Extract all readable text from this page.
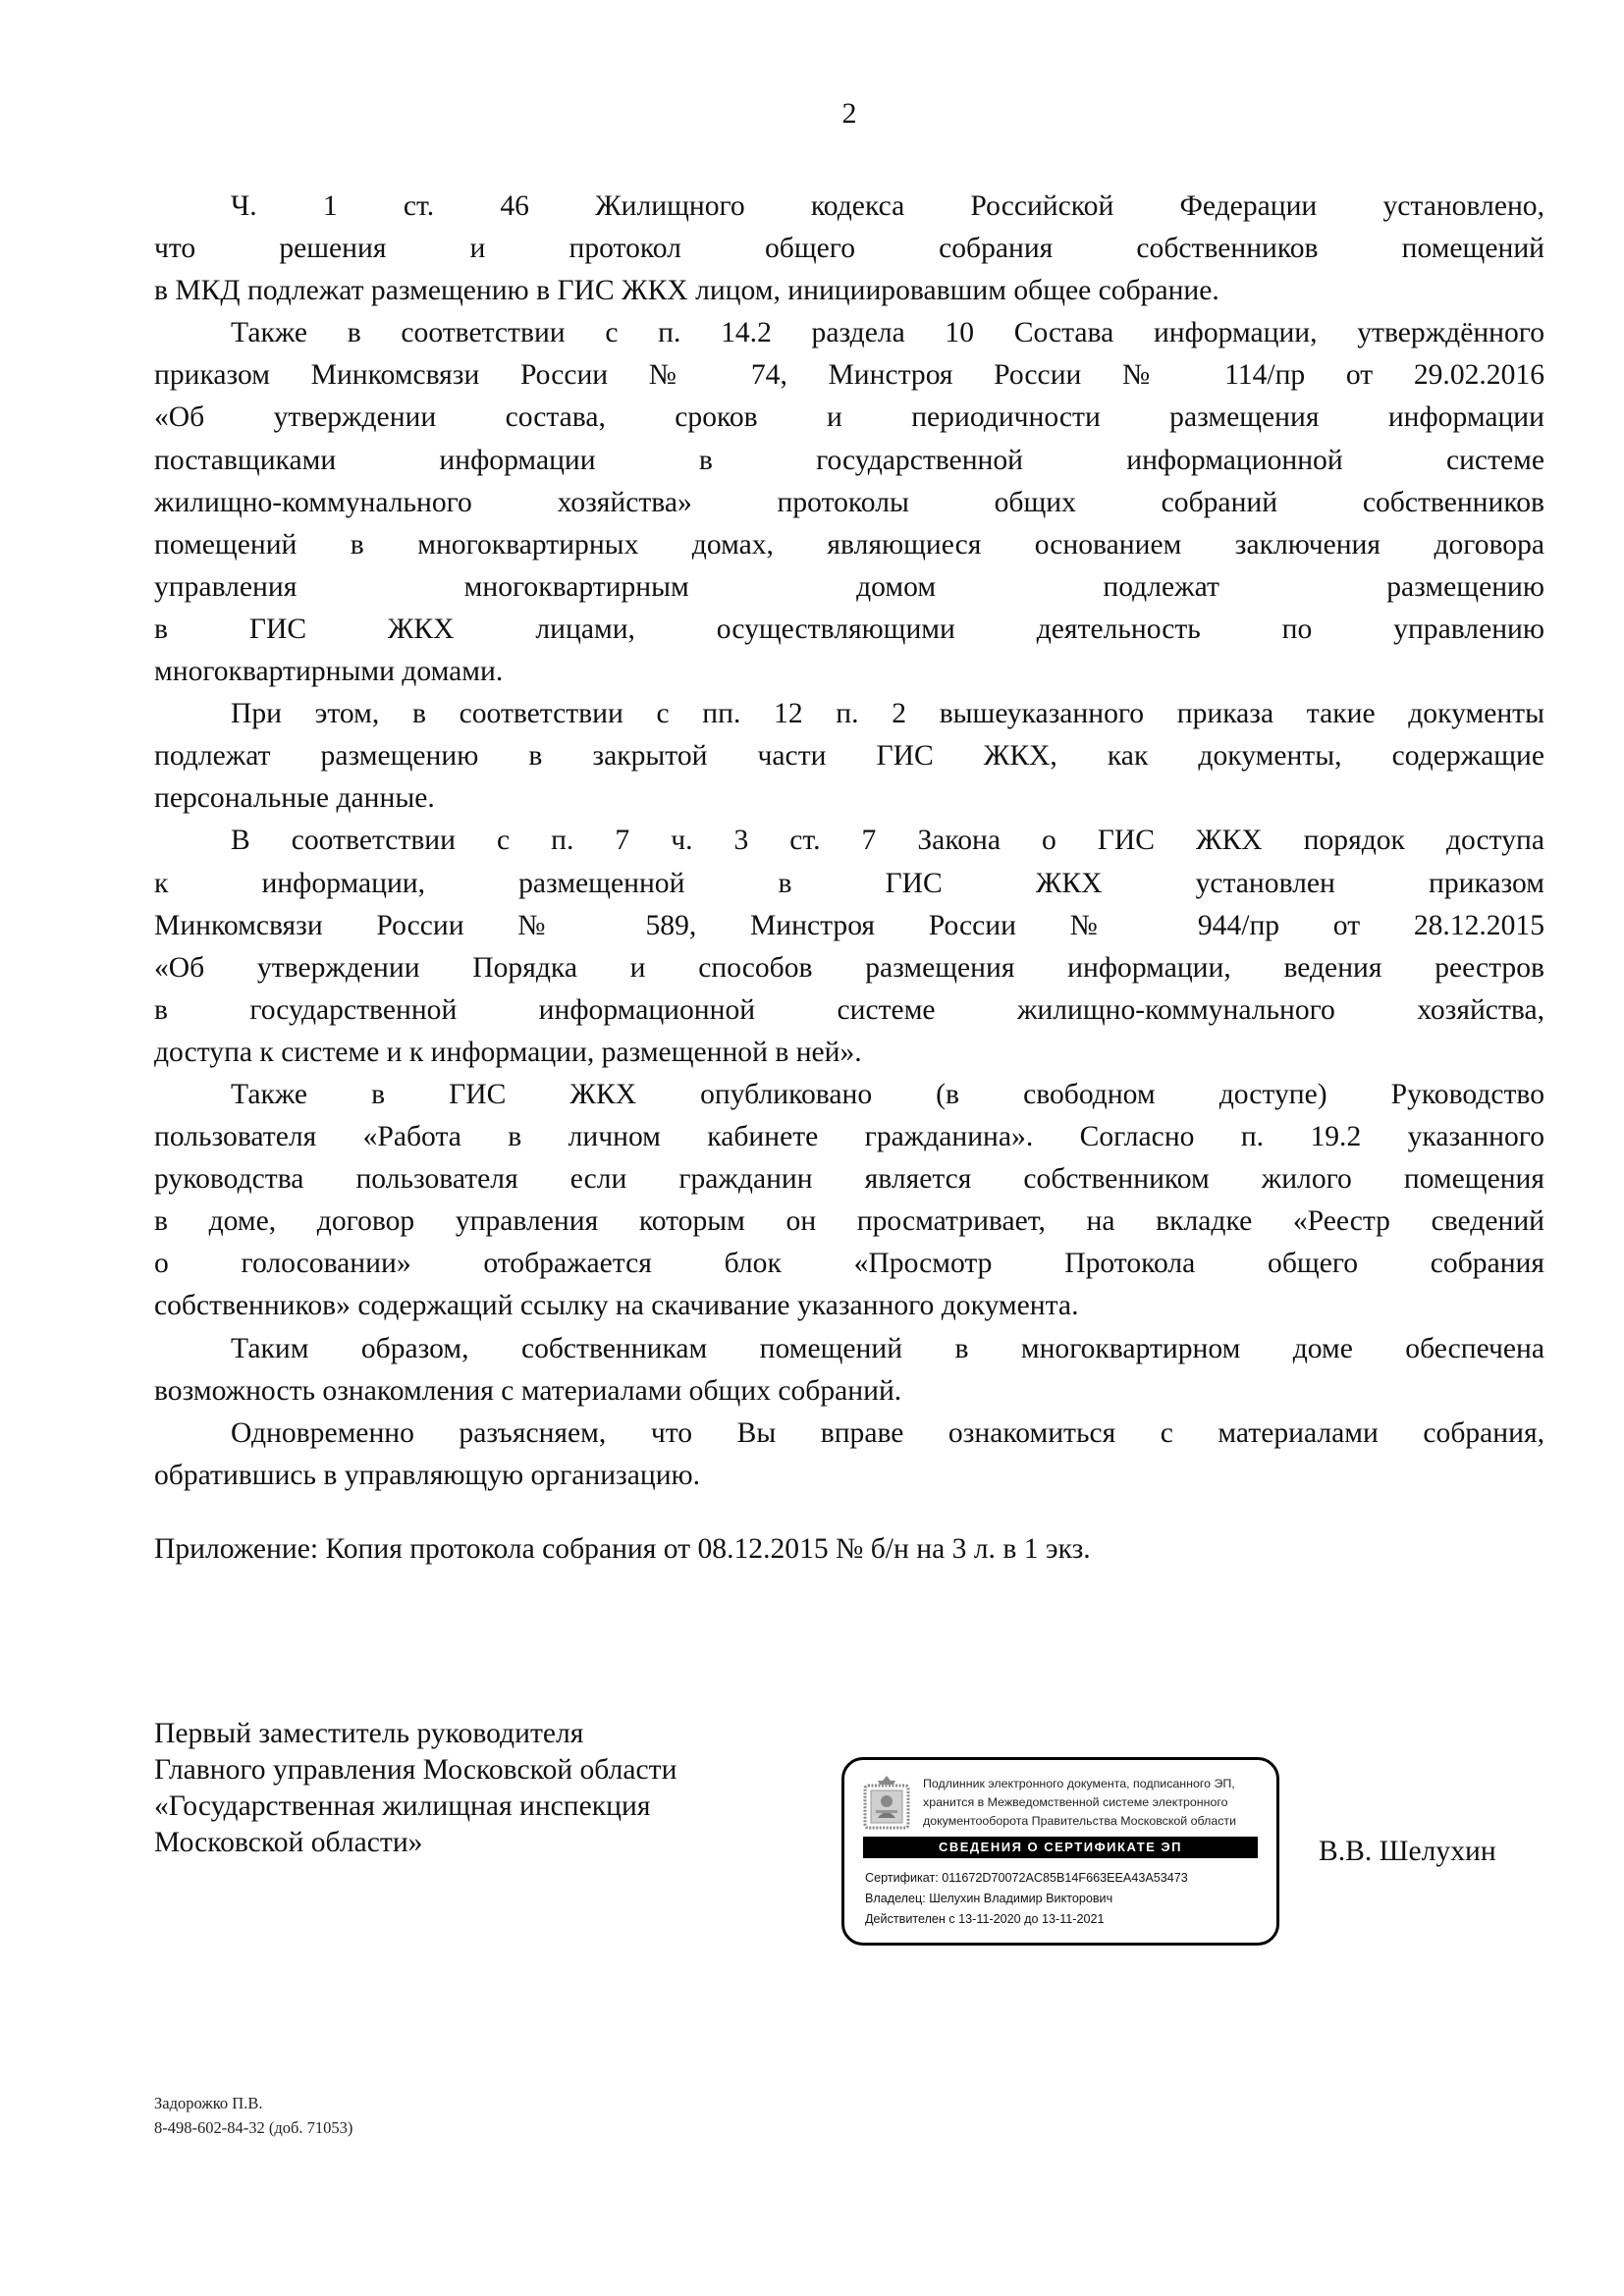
2
Ч. 1 ст. 46 Жилищного кодекса Российской Федерации установлено,
что решения и протокол общего собрания собственников помещений
в МКД подлежат размещению в ГИС ЖКХ лицом, инициировавшим общее собрание.
Также в соответствии с п. 14.2 раздела 10 Состава информации, утверждённого
приказом Минкомсвязи России № 74, Минстроя России № 114/пр от 29.02.2016
«Об утверждении состава, сроков и периодичности размещения информации
поставщиками информации в государственной информационной системе
жилищно-коммунального хозяйства» протоколы общих собраний собственников
помещений в многоквартирных домах, являющиеся основанием заключения договора
управления многоквартирным домом подлежат размещению
в ГИС ЖКХ лицами, осуществляющими деятельность по управлению
многоквартирными домами.
При этом, в соответствии с пп. 12 п. 2 вышеуказанного приказа такие документы
подлежат размещению в закрытой части ГИС ЖКХ, как документы, содержащие
персональные данные.
В соответствии с п. 7 ч. 3 ст. 7 Закона о ГИС ЖКХ порядок доступа
к информации, размещенной в ГИС ЖКХ установлен приказом
Минкомсвязи России № 589, Минстроя России № 944/пр от 28.12.2015
«Об утверждении Порядка и способов размещения информации, ведения реестров
в государственной информационной системе жилищно-коммунального хозяйства,
доступа к системе и к информации, размещенной в ней».
Также в ГИС ЖКХ опубликовано (в свободном доступе) Руководство
пользователя «Работа в личном кабинете гражданина». Согласно п. 19.2 указанного
руководства пользователя если гражданин является собственником жилого помещения
в доме, договор управления которым он просматривает, на вкладке «Реестр сведений
о голосовании» отображается блок «Просмотр Протокола общего собрания
собственников» содержащий ссылку на скачивание указанного документа.
Таким образом, собственникам помещений в многоквартирном доме обеспечена
возможность ознакомления с материалами общих собраний.
Одновременно разъясняем, что Вы вправе ознакомиться с материалами собрания,
обратившись в управляющую организацию.
Приложение: Копия протокола собрания от 08.12.2015 № б/н на 3 л. в 1 экз.
Первый заместитель руководителя
Главного управления Московской области
«Государственная жилищная инспекция
Московской области»
Подлинник электронного документа, подписанного ЭП,
хранится в Межведомственной системе электронного
документооборота Правительства Московской области
СВЕДЕНИЯ О СЕРТИФИКАТЕ ЭП
Сертификат: 011672D70072AC85B14F663EEA43A53473
Владелец: Шелухин Владимир Викторович
Действителен с 13-11-2020 до 13-11-2021
В.В. Шелухин
Задорожко П.В.
8-498-602-84-32 (доб. 71053)
